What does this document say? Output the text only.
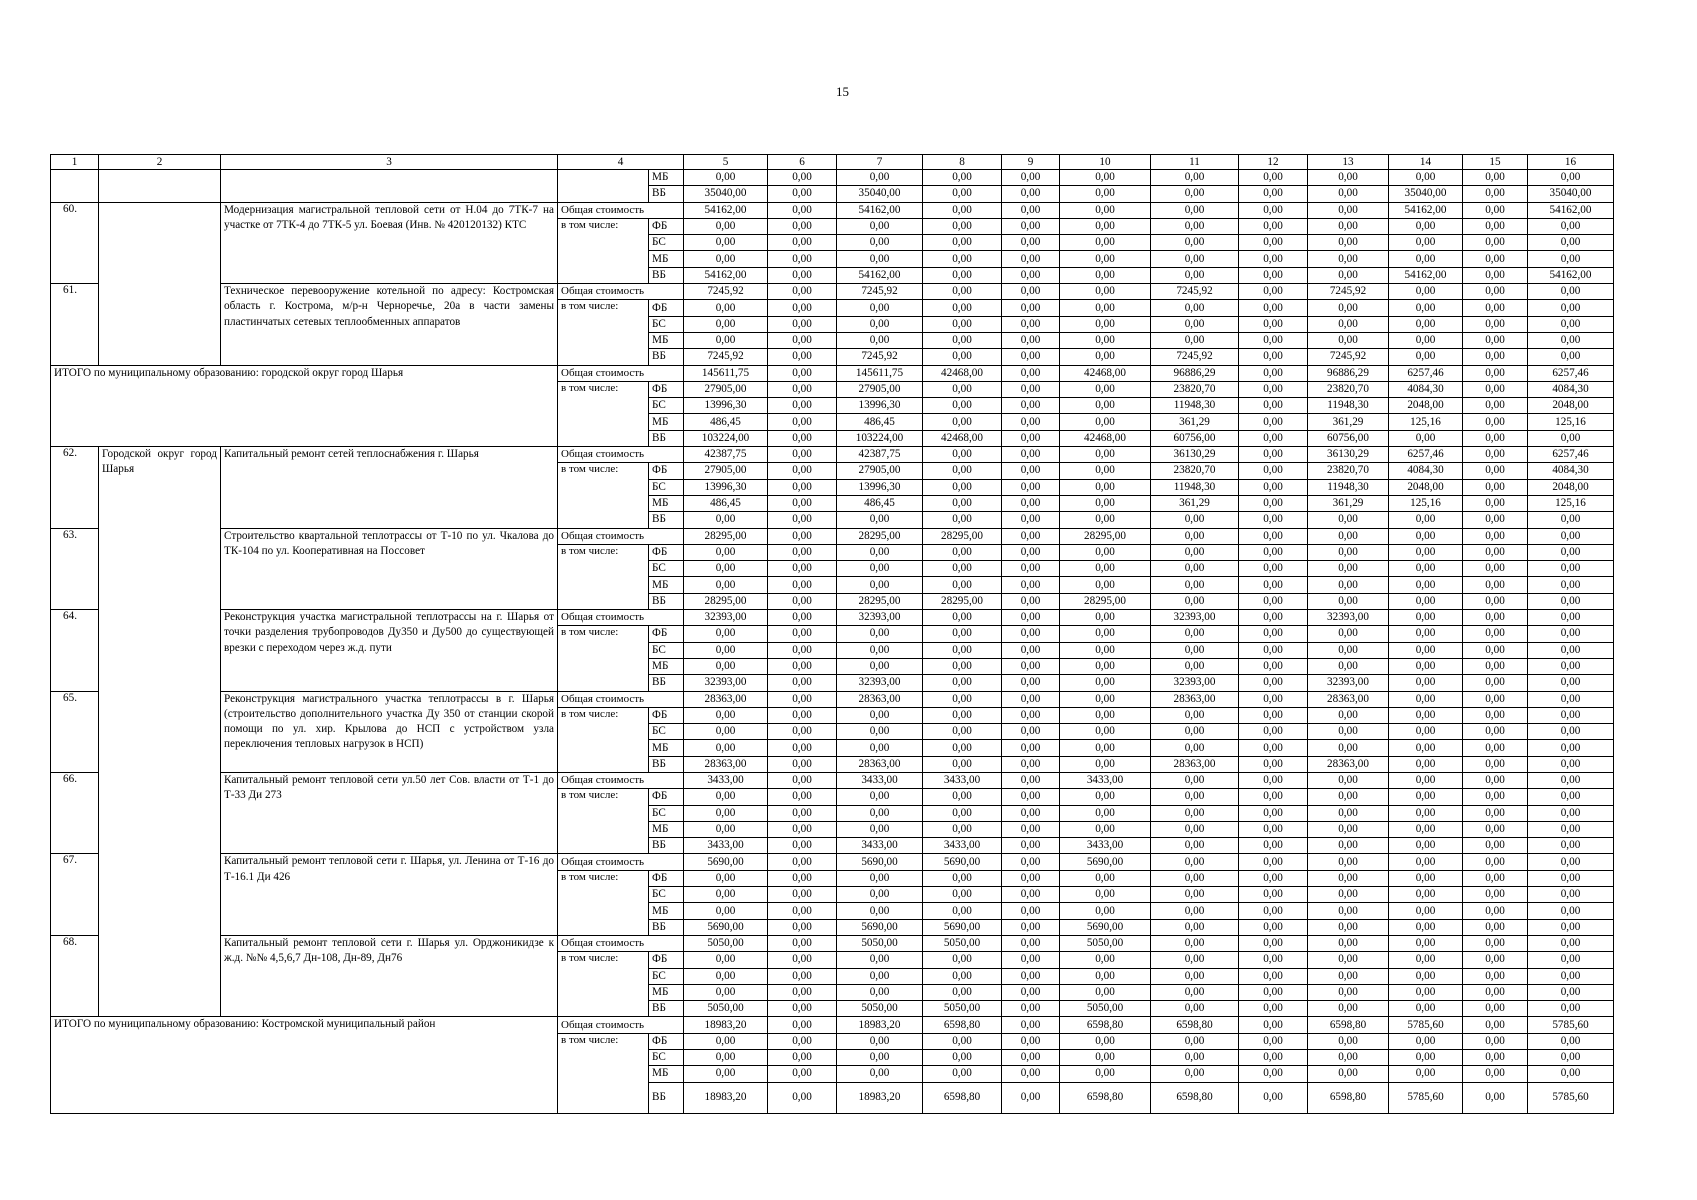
15
1	2	3	4		5	6	7	8	9	10	11	12	13	14	15	16
				МБ	0,00	0,00	0,00	0,00	0,00	0,00	0,00	0,00	0,00	0,00	0,00	0,00
				ВБ	35040,00	0,00	35040,00	0,00	0,00	0,00	0,00	0,00	0,00	35040,00	0,00	35040,00
60.		Модернизация магистральной тепловой сети от Н.04 до 7ТК-7 на участке от 7ТК-4 до 7ТК-5 ул. Боевая (Инв. № 420120132) КТС	Общая стоимость		54162,00	0,00	54162,00	0,00	0,00	0,00	0,00	0,00	0,00	54162,00	0,00	54162,00
			в том числе:	ФБ	0,00	0,00	0,00	0,00	0,00	0,00	0,00	0,00	0,00	0,00	0,00	0,00
				БС	0,00	0,00	0,00	0,00	0,00	0,00	0,00	0,00	0,00	0,00	0,00	0,00
				МБ	0,00	0,00	0,00	0,00	0,00	0,00	0,00	0,00	0,00	0,00	0,00	0,00
				ВБ	54162,00	0,00	54162,00	0,00	0,00	0,00	0,00	0,00	0,00	54162,00	0,00	54162,00
61.		Техническое перевооружение котельной по адресу: Костромская область г. Кострома, м/р-н Черноречье, 20а в части замены пластинчатых сетевых теплообменных аппаратов	Общая стоимость		7245,92	0,00	7245,92	0,00	0,00	0,00	7245,92	0,00	7245,92	0,00	0,00	0,00
			в том числе:	ФБ	0,00	0,00	0,00	0,00	0,00	0,00	0,00	0,00	0,00	0,00	0,00	0,00
				БС	0,00	0,00	0,00	0,00	0,00	0,00	0,00	0,00	0,00	0,00	0,00	0,00
				МБ	0,00	0,00	0,00	0,00	0,00	0,00	0,00	0,00	0,00	0,00	0,00	0,00
				ВБ	7245,92	0,00	7245,92	0,00	0,00	0,00	7245,92	0,00	7245,92	0,00	0,00	0,00
ИТОГО по муниципальному образованию: городской округ город Шарья			Общая стоимость		145611,75	0,00	145611,75	42468,00	0,00	42468,00	96886,29	0,00	96886,29	6257,46	0,00	6257,46
			в том числе:	ФБ	27905,00	0,00	27905,00	0,00	0,00	0,00	23820,70	0,00	23820,70	4084,30	0,00	4084,30
				БС	13996,30	0,00	13996,30	0,00	0,00	0,00	11948,30	0,00	11948,30	2048,00	0,00	2048,00
				МБ	486,45	0,00	486,45	0,00	0,00	0,00	361,29	0,00	361,29	125,16	0,00	125,16
				ВБ	103224,00	0,00	103224,00	42468,00	0,00	42468,00	60756,00	0,00	60756,00	0,00	0,00	0,00
62.	Городской округ город Шарья	Капитальный ремонт сетей теплоснабжения г. Шарья	Общая стоимость		42387,75	0,00	42387,75	0,00	0,00	0,00	36130,29	0,00	36130,29	6257,46	0,00	6257,46
			в том числе:	ФБ	27905,00	0,00	27905,00	0,00	0,00	0,00	23820,70	0,00	23820,70	4084,30	0,00	4084,30
				БС	13996,30	0,00	13996,30	0,00	0,00	0,00	11948,30	0,00	11948,30	2048,00	0,00	2048,00
				МБ	486,45	0,00	486,45	0,00	0,00	0,00	361,29	0,00	361,29	125,16	0,00	125,16
				ВБ	0,00	0,00	0,00	0,00	0,00	0,00	0,00	0,00	0,00	0,00	0,00	0,00
63.		Строительство квартальной теплотрассы от Т-10 по ул. Чкалова до ТК-104 по ул. Кооперативная на Поссовет	Общая стоимость		28295,00	0,00	28295,00	28295,00	0,00	28295,00	0,00	0,00	0,00	0,00	0,00	0,00
			в том числе:	ФБ	0,00	0,00	0,00	0,00	0,00	0,00	0,00	0,00	0,00	0,00	0,00	0,00
				БС	0,00	0,00	0,00	0,00	0,00	0,00	0,00	0,00	0,00	0,00	0,00	0,00
				МБ	0,00	0,00	0,00	0,00	0,00	0,00	0,00	0,00	0,00	0,00	0,00	0,00
				ВБ	28295,00	0,00	28295,00	28295,00	0,00	28295,00	0,00	0,00	0,00	0,00	0,00	0,00
64.		Реконструкция участка магистральной теплотрассы на г. Шарья от точки разделения трубопроводов Ду350 и Ду500 до существующей врезки с переходом через ж.д. пути	Общая стоимость		32393,00	0,00	32393,00	0,00	0,00	0,00	32393,00	0,00	32393,00	0,00	0,00	0,00
			в том числе:	ФБ	0,00	0,00	0,00	0,00	0,00	0,00	0,00	0,00	0,00	0,00	0,00	0,00
				БС	0,00	0,00	0,00	0,00	0,00	0,00	0,00	0,00	0,00	0,00	0,00	0,00
				МБ	0,00	0,00	0,00	0,00	0,00	0,00	0,00	0,00	0,00	0,00	0,00	0,00
				ВБ	32393,00	0,00	32393,00	0,00	0,00	0,00	32393,00	0,00	32393,00	0,00	0,00	0,00
65.		Реконструкция магистрального участка теплотрассы в г. Шарья (строительство дополнительного участка Ду 350 от станции скорой помощи по ул. хир. Крылова до НСП с устройством узла переключения тепловых нагрузок в НСП)	Общая стоимость		28363,00	0,00	28363,00	0,00	0,00	0,00	28363,00	0,00	28363,00	0,00	0,00	0,00
			в том числе:	ФБ	0,00	0,00	0,00	0,00	0,00	0,00	0,00	0,00	0,00	0,00	0,00	0,00
				БС	0,00	0,00	0,00	0,00	0,00	0,00	0,00	0,00	0,00	0,00	0,00	0,00
				МБ	0,00	0,00	0,00	0,00	0,00	0,00	0,00	0,00	0,00	0,00	0,00	0,00
				ВБ	28363,00	0,00	28363,00	0,00	0,00	0,00	28363,00	0,00	28363,00	0,00	0,00	0,00
66.		Капитальный ремонт тепловой сети ул.50 лет Сов. власти от Т-1 до Т-33 Ди 273	Общая стоимость		3433,00	0,00	3433,00	3433,00	0,00	3433,00	0,00	0,00	0,00	0,00	0,00	0,00
			в том числе:	ФБ	0,00	0,00	0,00	0,00	0,00	0,00	0,00	0,00	0,00	0,00	0,00	0,00
				БС	0,00	0,00	0,00	0,00	0,00	0,00	0,00	0,00	0,00	0,00	0,00	0,00
				МБ	0,00	0,00	0,00	0,00	0,00	0,00	0,00	0,00	0,00	0,00	0,00	0,00
				ВБ	3433,00	0,00	3433,00	3433,00	0,00	3433,00	0,00	0,00	0,00	0,00	0,00	0,00
67.		Капитальный ремонт тепловой сети г. Шарья, ул. Ленина от Т-16 до Т-16.1 Ди 426	Общая стоимость		5690,00	0,00	5690,00	5690,00	0,00	5690,00	0,00	0,00	0,00	0,00	0,00	0,00
			в том числе:	ФБ	0,00	0,00	0,00	0,00	0,00	0,00	0,00	0,00	0,00	0,00	0,00	0,00
				БС	0,00	0,00	0,00	0,00	0,00	0,00	0,00	0,00	0,00	0,00	0,00	0,00
				МБ	0,00	0,00	0,00	0,00	0,00	0,00	0,00	0,00	0,00	0,00	0,00	0,00
				ВБ	5690,00	0,00	5690,00	5690,00	0,00	5690,00	0,00	0,00	0,00	0,00	0,00	0,00
68.		Капитальный ремонт тепловой сети г. Шарья ул. Орджоникидзе к ж.д. №№ 4,5,6,7 Дн-108, Дн-89, Дн76	Общая стоимость		5050,00	0,00	5050,00	5050,00	0,00	5050,00	0,00	0,00	0,00	0,00	0,00	0,00
			в том числе:	ФБ	0,00	0,00	0,00	0,00	0,00	0,00	0,00	0,00	0,00	0,00	0,00	0,00
				БС	0,00	0,00	0,00	0,00	0,00	0,00	0,00	0,00	0,00	0,00	0,00	0,00
				МБ	0,00	0,00	0,00	0,00	0,00	0,00	0,00	0,00	0,00	0,00	0,00	0,00
				ВБ	5050,00	0,00	5050,00	5050,00	0,00	5050,00	0,00	0,00	0,00	0,00	0,00	0,00
ИТОГО по муниципальному образованию: Костромской муниципальный район			Общая стоимость		18983,20	0,00	18983,20	6598,80	0,00	6598,80	6598,80	0,00	6598,80	5785,60	0,00	5785,60
			в том числе:	ФБ	0,00	0,00	0,00	0,00	0,00	0,00	0,00	0,00	0,00	0,00	0,00	0,00
				БС	0,00	0,00	0,00	0,00	0,00	0,00	0,00	0,00	0,00	0,00	0,00	0,00
				МБ	0,00	0,00	0,00	0,00	0,00	0,00	0,00	0,00	0,00	0,00	0,00	0,00
				ВБ	18983,20	0,00	18983,20	6598,80	0,00	6598,80	6598,80	0,00	6598,80	5785,60	0,00	5785,60
